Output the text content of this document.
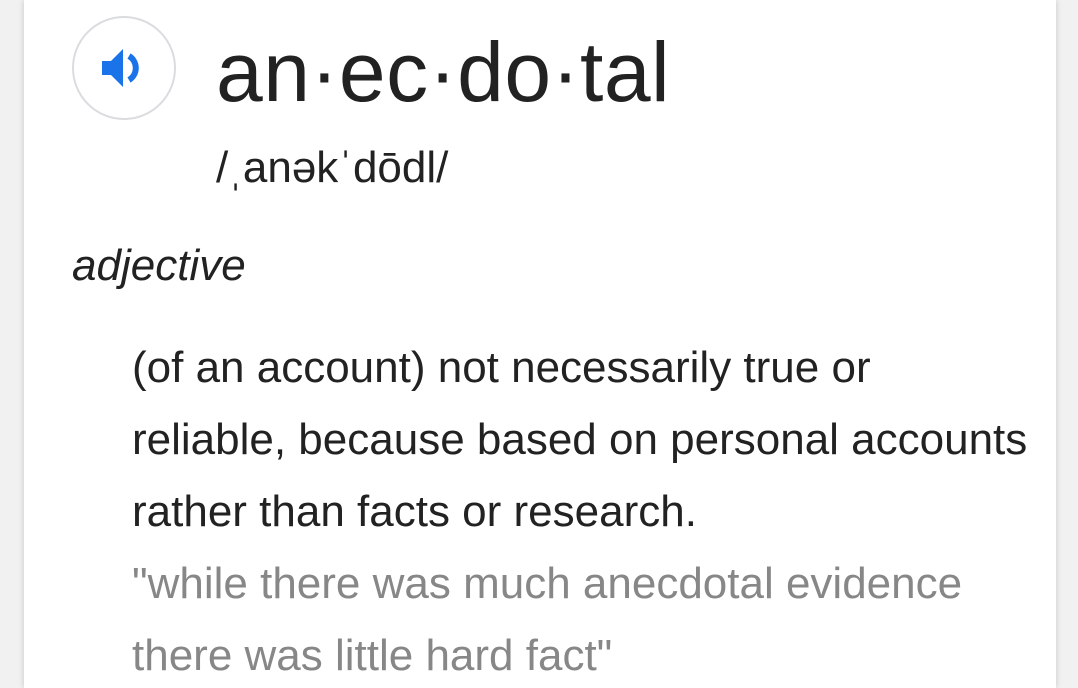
an·ec·do·tal
/ˌanəkˈdōdl/
adjective
(of an account) not necessarily true or reliable, because based on personal accounts rather than facts or research.
"while there was much anecdotal evidence there was little hard fact"
